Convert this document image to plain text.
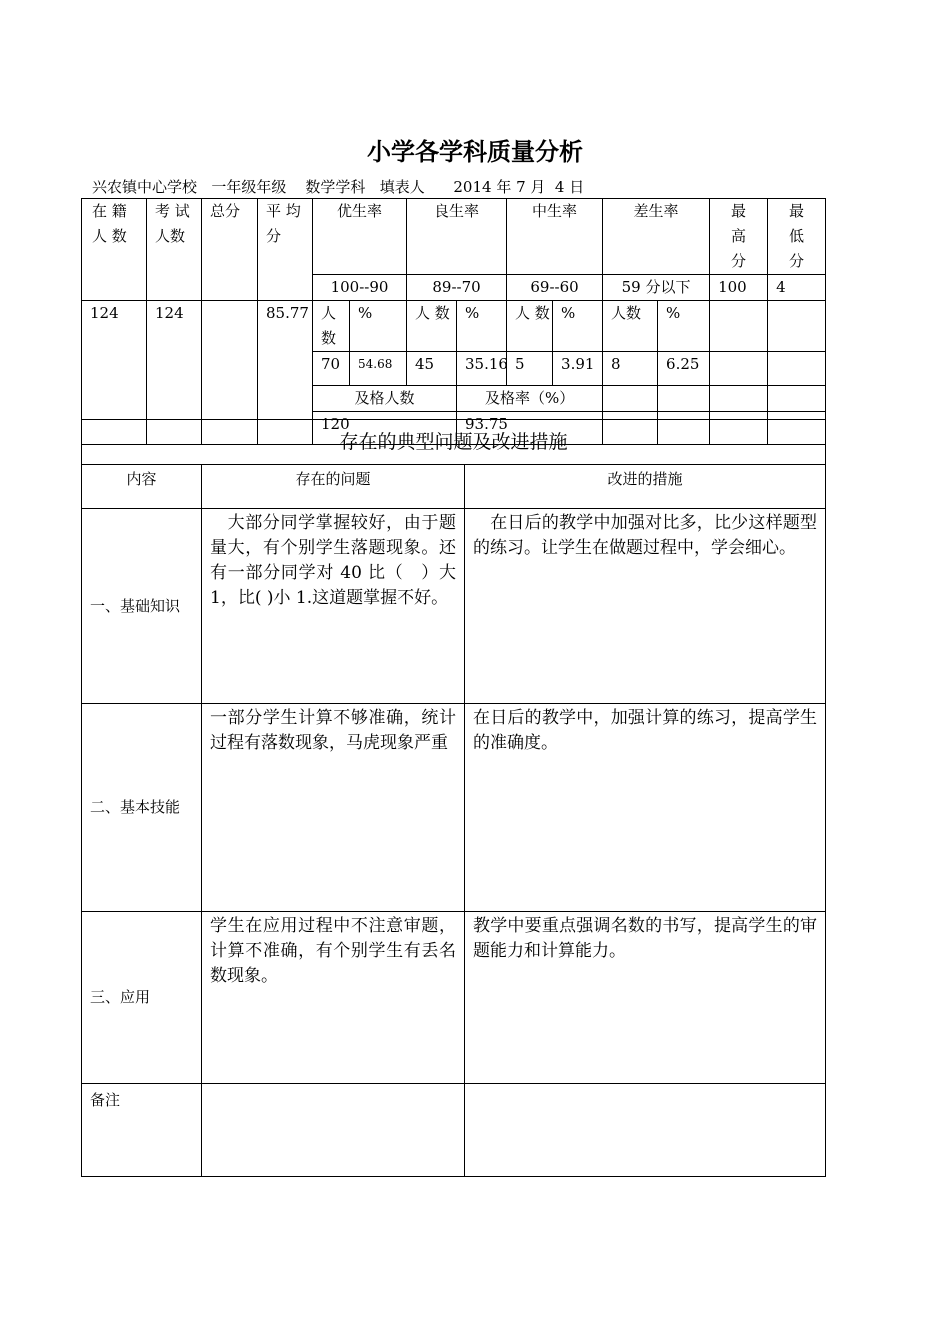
小学各学科质量分析
兴农镇中心学校 一年级年级 数学学科 填表人 2014 年 7 月  4 日
在 籍 人 数	考 试 人数	总分	平 均 分	优生率		良生率		中生率		差生率		最高分	最低分
				100--90		89--70		69--60		59 分以下		100	4
124	124		85.77	人 数	%	人 数	%	人 数	%	人数	%		
				70	54.68	45	35.16	5	3.91	8	6.25		
				及格人数			及格率（%）						
				120			93.75						
存在的典型问题及改进措施		
内容	存在的问题	改进的措施
一、基础知识	　大部分同学掌握较好，由于题量大，有个别学生落题现象。还有一部分同学对 40 比（　）大 1，比( )小 1.这道题掌握不好。	　在日后的教学中加强对比多，比少这样题型的练习。让学生在做题过程中，学会细心。
二、基本技能	一部分学生计算不够准确，统计过程有落数现象，马虎现象严重	在日后的教学中，加强计算的练习，提高学生的准确度。
三、应用	学生在应用过程中不注意审题，计算不准确，有个别学生有丢名数现象。	教学中要重点强调名数的书写，提高学生的审题能力和计算能力。
备注		
